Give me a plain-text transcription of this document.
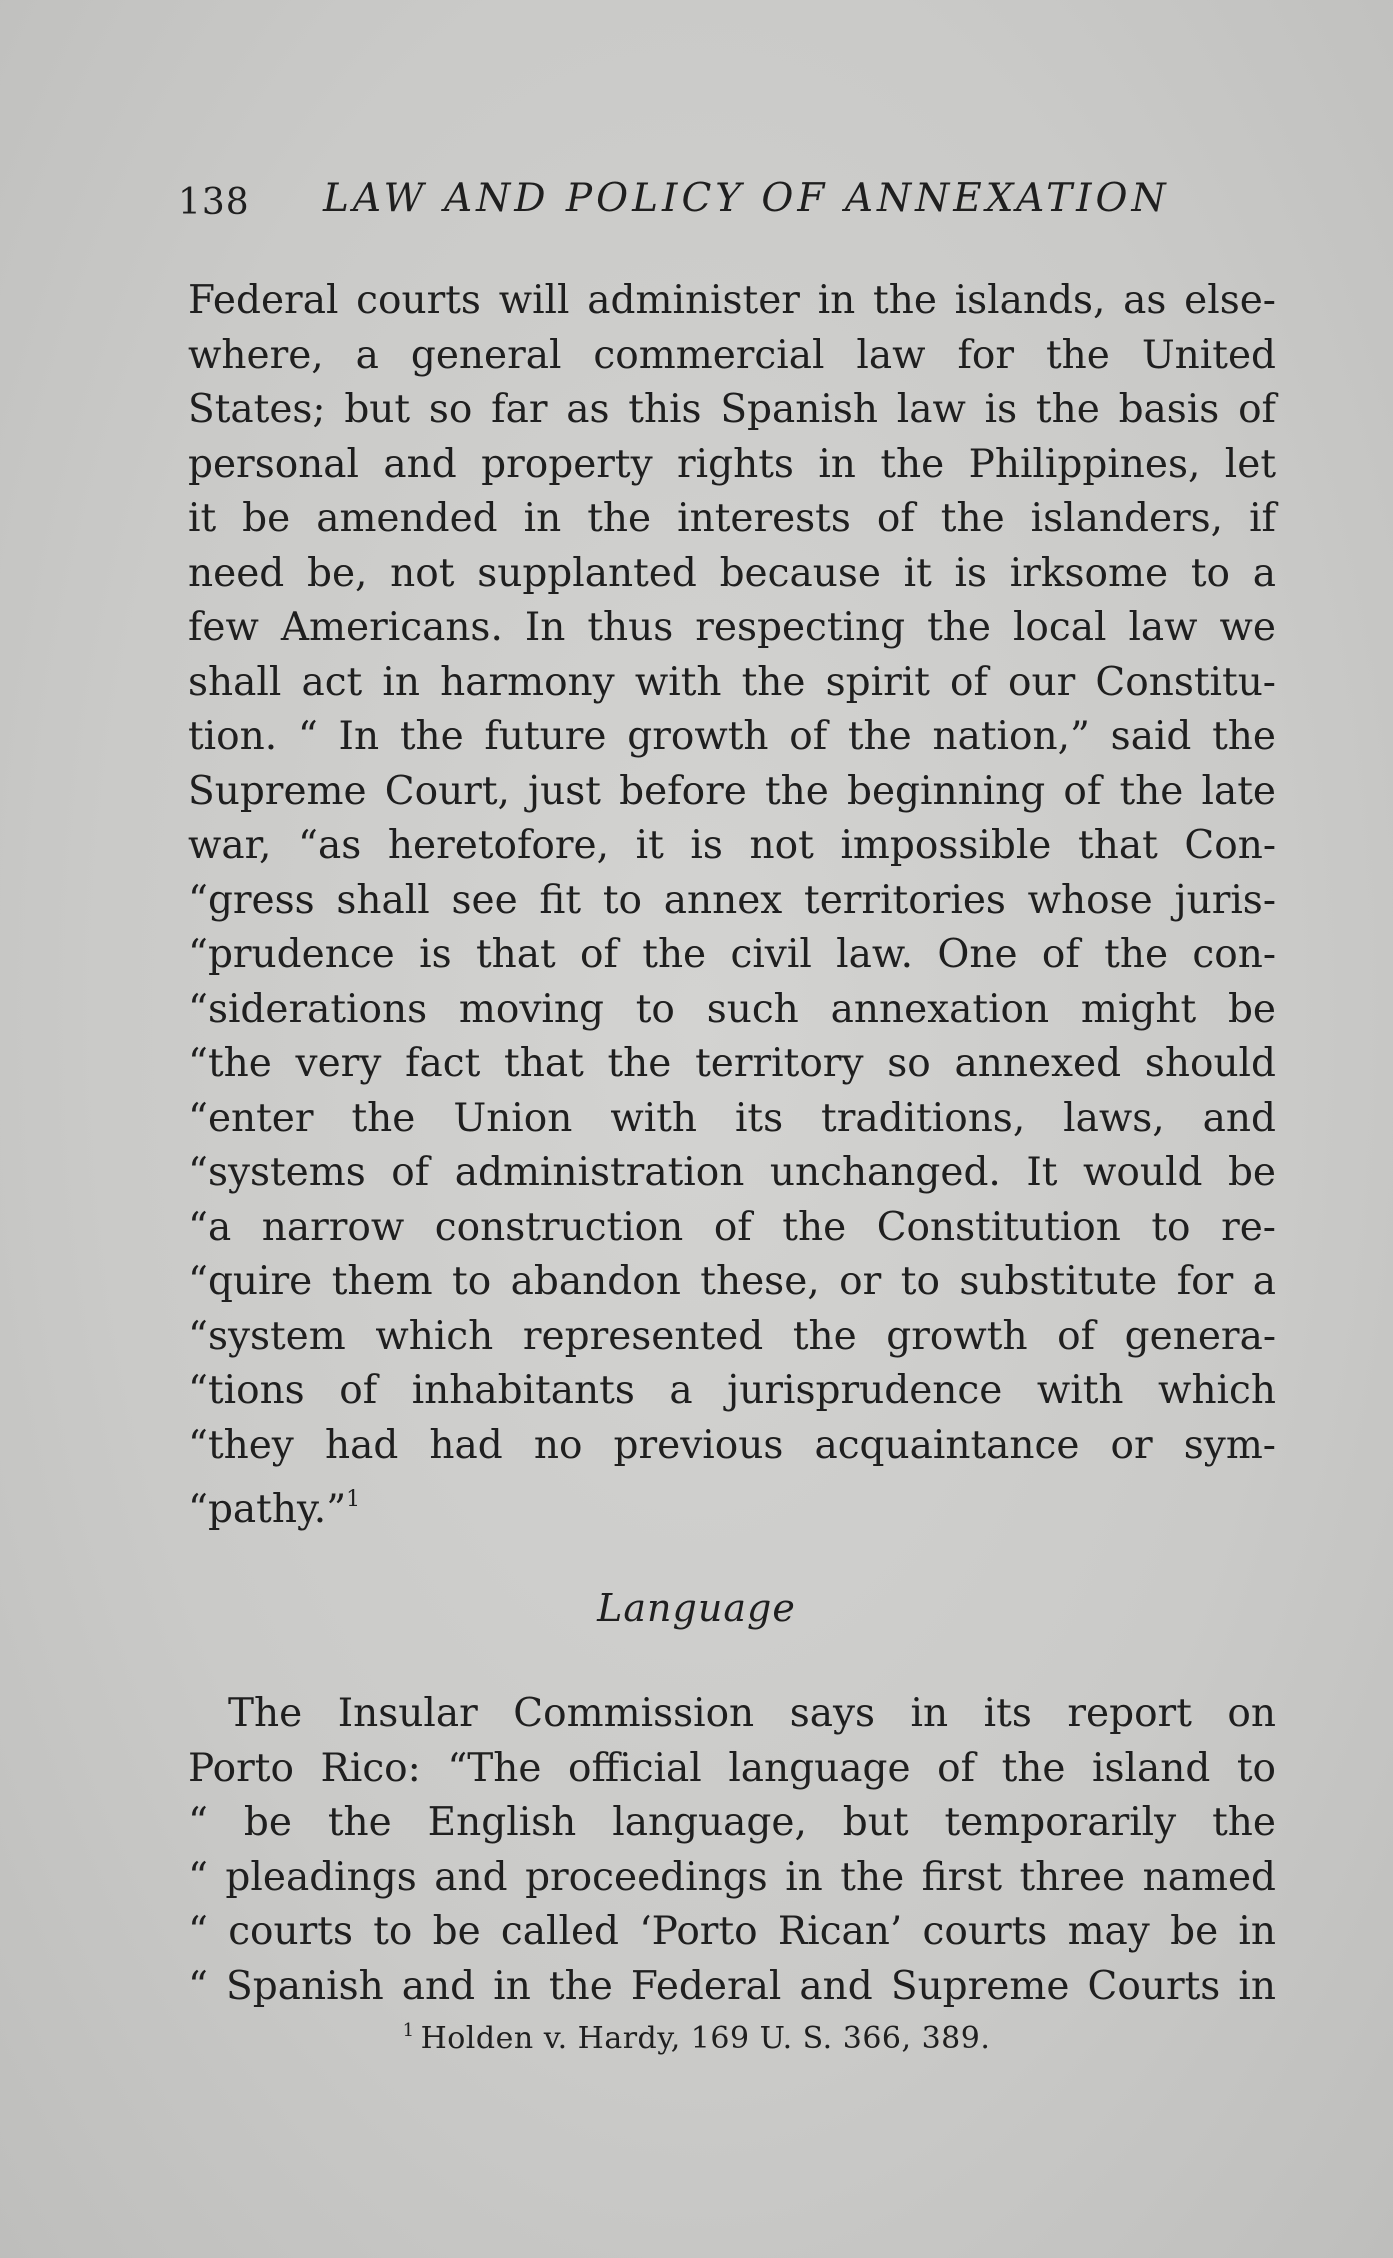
138 LAW AND POLICY OF ANNEXATION
Federal courts will administer in the islands, as else-
where, a general commercial law for the United
States; but so far as this Spanish law is the basis of
personal and property rights in the Philippines, let
it be amended in the interests of the islanders, if
need be, not supplanted because it is irksome to a
few Americans. In thus respecting the local law we
shall act in harmony with the spirit of our Constitu-
tion. “ In the future growth of the nation,” said the
Supreme Court, just before the beginning of the late
war, “as heretofore, it is not impossible that Con-
“gress shall see fit to annex territories whose juris-
“prudence is that of the civil law. One of the con-
“siderations moving to such annexation might be
“the very fact that the territory so annexed should
“enter the Union with its traditions, laws, and
“systems of administration unchanged. It would be
“a narrow construction of the Constitution to re-
“quire them to abandon these, or to substitute for a
“system which represented the growth of genera-
“tions of inhabitants a jurisprudence with which
“they had had no previous acquaintance or sym-
“pathy.”$^1$
Language
The Insular Commission says in its report on
Porto Rico: “The official language of the island to
“ be the English language, but temporarily the
“ pleadings and proceedings in the first three named
“ courts to be called ‘Porto Rican’ courts may be in
“ Spanish and in the Federal and Supreme Courts in
$^1$ Holden v. Hardy, 169 U. S. 366, 389.
